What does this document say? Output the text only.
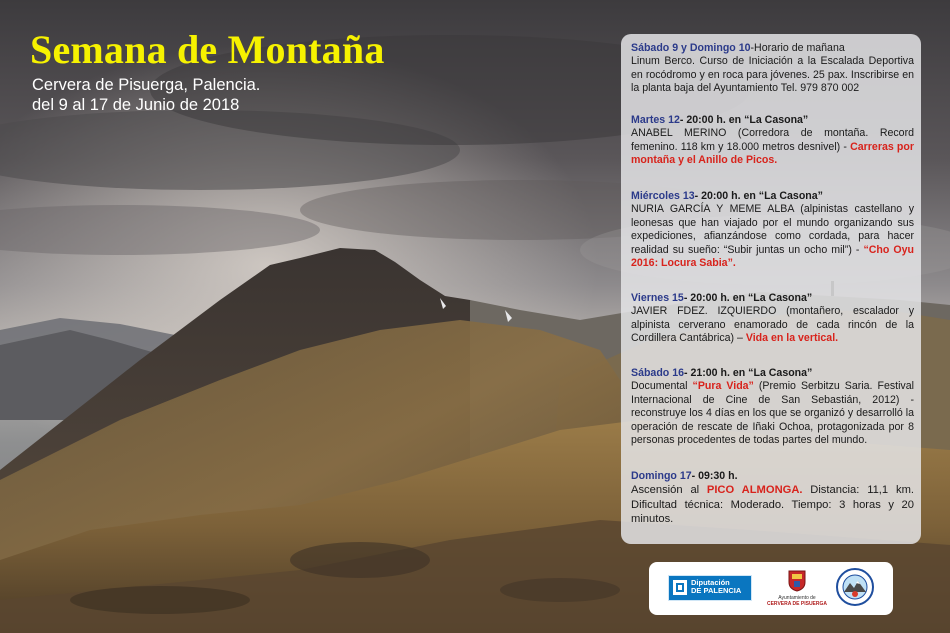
Semana de Montaña
Cervera de Pisuerga, Palencia.
del 9 al 17 de Junio de 2018
Sábado 9 y Domingo 10-Horario de mañana
Linum Berco. Curso de Iniciación a la Escalada Deportiva en rocódromo y en roca para jóvenes. 25 pax. Inscribirse en la planta baja del Ayuntamiento Tel. 979 870 002
Martes 12- 20:00 h. en “La Casona”
ANABEL MERINO (Corredora de montaña. Record femenino. 118 km y 18.000 metros desnivel) - Carreras por montaña y el Anillo de Picos.
Miércoles 13- 20:00 h. en “La Casona”
NURIA GARCÍA Y MEME ALBA (alpinistas castellano y leonesas que han viajado por el mundo organizando sus expediciones, afianzándose como cordada, para hacer realidad su sueño: “Subir juntas un ocho mil”) - “Cho Oyu 2016: Locura Sabia”.
Viernes 15- 20:00 h. en “La Casona”
JAVIER FDEZ. IZQUIERDO (montañero, escalador y alpinista cerverano enamorado de cada rincón de la Cordillera Cantábrica) – Vida en la vertical.
Sábado 16- 21:00 h. en “La Casona”
Documental “Pura Vida” (Premio Serbitzu Saria. Festival Internacional de Cine de San Sebastián, 2012) - reconstruye los 4 días en los que se organizó y desarrolló la operación de rescate de Iñaki Ochoa, protagonizada por 8 personas procedentes de todas partes del mundo.
Domingo 17- 09:30 h.
Ascensión al PICO ALMONGA. Distancia: 11,1 km. Dificultad técnica: Moderado. Tiempo: 3 horas y 20 minutos.
Diputación
DE PALENCIA
Ayuntamiento de
CERVERA DE PISUERGA
